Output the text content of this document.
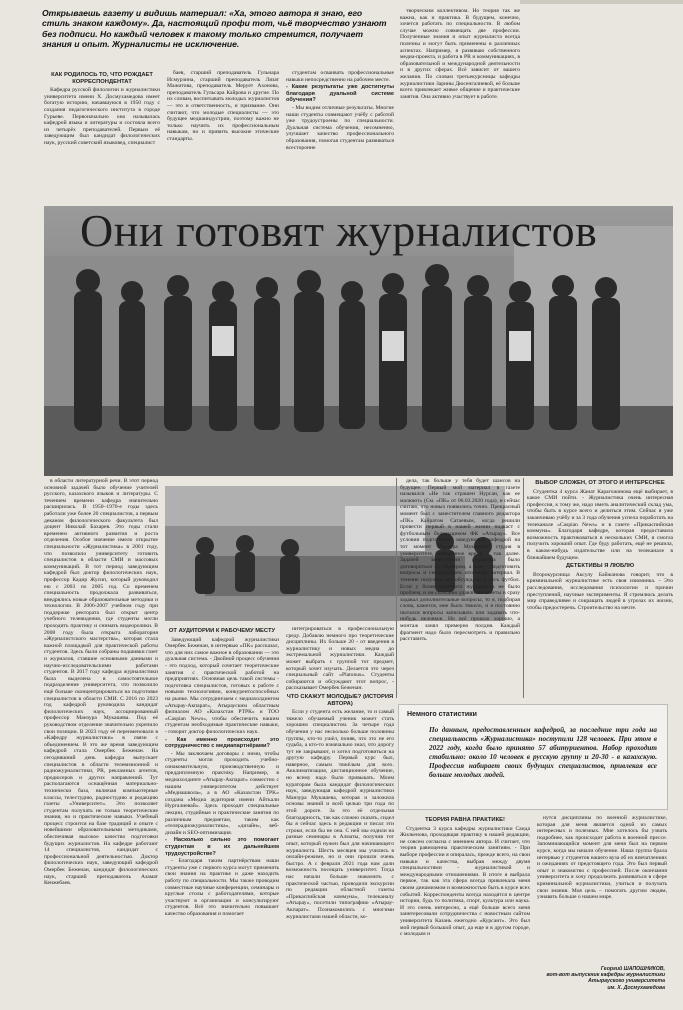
Открываешь газету и видишь материал: «Ха, этого автора я знаю, его стиль знаком каждому». Да, настоящий профи тот, чьё творчество узнают без подписи. Но каждый человек к такому только стремится, получает знания и опыт. Журналисты не исключение.
КАК РОДИЛОСЬ ТО, ЧТО РОЖДАЕТ КОРРЕСПОНДЕНТАТ

Кафедра русской филологии и журналистики университета имени Х. Досмухамедова имеет богатую историю, начавшуюся в 1950 году с создания педагогического института в городе Гурьеве. Первоначально она называлась кафедрой языка и литературы и состояла всего из четырёх преподавателей. Первым её заведующим был кандидат филологических наук, русский советский языковед, специалист

баев, старший преподаватель Гульнара Исмурзина, старший преподаватель Лязат Мажитова, преподаватель Мерует Ахонова, преподаватель Гульсара Кайрова и другие. По их словам, воспитывать молодых журналистов — это и ответственность, и призвание. Они считают, что молодые специалисты — это будущее медиаиндустрии, поэтому важно не только научить их профессиональным навыкам, но и привить высокие этические стандарты.

студентам осваивать профессиональные навыки непосредственно на рабочем месте.

- Какие результаты уже достигнуты благодаря дуальной системе обучения?

- Мы видим отличные результаты. Многие наши студенты совмещают учёбу с работой уже трудоустроены по специальности. Дуальная система обучения, несомненно, улучшает качество профессионального образования, помогая студентам развиваться всесторонне

творческим коллективом. Но теория так же важна, как и практика. В будущем, конечно, хочется работать по специальности. В любом случае можно совмещать две профессии. Полученные знания и опыт журналиста всегда полезны и могут быть применены в различных аспектах. Например, я развиваю собственного медиа-проекта, и работа в PR и коммуникациях, в образовательной и международной деятельности и в других сферах. Всё зависит от вашего желания. По словам третьекурсницы кафедры журналистики Зарины Дюсенгалиевой, её больше всего привлекает живое общение и практические занятия. Она активно участвует в работе.

Они готовят журналистов

в области литературной речи. В этот период основной задачей было обучение учителей русского, казахского языков и литературы. С течением времени кафедра значительно расширилась. В 1950–1970-е годы здесь работали уже более 20 специалистов, а первым деканом филологического факультета был доцент Николай Бахарев. Это годы стали временем активного развития и роста отделения. Особое значение имело открытие специальности «Журналистика» в 2001 году, что позволило университету готовить специалистов в области СМИ и массовых коммуникаций. В тот период заведующим кафедрой был доктор филологических наук, профессор Кадир Жусип, который руководил ею с 2003 по 2005 год. Со временем специальность продолжала развиваться, внедрялись новые образовательные методики и технологии. В 2006-2007 учебном году при поддержке ректората был открыт центр учебного телевидения, где студенты могли проходить практику и снимать видеоролики. В 2008 году была открыта лаборатория «Журналистского мастерства», которая стала важной площадкой для практической работы студентов. Здесь были собраны подшивки газет и журналов, ставшие основными данными и научно-исследовательскими работами студентов. В 2017 году кафедра журналистики была выделена в самостоятельное подразделение университета, что позволило ещё больше сконцентрироваться на подготовке специалистов в области СМИ. С 2016 по 2023 год кафедрой руководила кандидат филологических наук, ассоциированный профессор Манзура Мукашева. Под её руководством отделение значительно укрепило свои позиции. В 2023 году её переименовали в «Кафедру журналистики» в связи с объединением. В это же время заведующим кафедрой стала Омербек Беженан. На сегодняшний день кафедра выпускает специалистов в области телевизионной и радиожурналистики, PR, рекламных агентов, продюсеров и других направлений. Тут располагаются оснащённая материально-технически база, включая компьютерные классы, телестудию, радиостудию и редакцию газеты «Университет». Это позволяет студентам получать не только теоретические знания, но и практические навыки. Учебный процесс строится на базе традиций и опыте с новейшими образовательными методиками, обеспечивая высокое качество подготовки будущих журналистов. На кафедре работают 14 специалистов, кандидат с профессиональной деятельностью. Доктор филологических наук, заведующий кафедрой Омербек Беженан, кандидат филологических наук, старший преподаватель Азамат Кенжебаев.

ОТ АУДИТОРИИ К РАБОЧЕМУ МЕСТУ

Заведующий кафедрой журналистики Омербек Беженан, в интервью «ПК» рассказал, что для них самое важное в образовании — это дуальная система. - Двойной процесс обучения - это подход, который сочетает теоретические занятия с практической работой на предприятиях. Основная цель такой системы - подготовка специалистов, готовых к работе с новыми технологиями, конкурентоспособных на рынке. Мы сотрудничаем с медиахолдингом «Атырау-Акпарат», Атырауским областным филиалом АО «Казахстан РТРК» и ТОО «Caspian News», чтобы обеспечить нашим студентам необходимые практические навыки, - говорит доктор филологических наук.

- Как именно происходит это сотрудничество с медиапартнёрами?

- Мы заключаем договоры с ними, чтобы студенты могли проходить учебно-ознакомительную, производственную и преддипломную практику. Например, в медиахолдинге «Атырау-Акпарат» совместно с нашим университетом действует «Медиашкола», а в АО «Казахстан TPK» создана «Медиа аудитория имени Айткали Нургалиевай». Здесь проходят специальные лекции, студийные и практические занятия по различным предметам, таким как «телерадиожурналистика», «дизайн», веб-дизайн и SEO-оптимизация.

- Насколько сильно это помогает студентам в их дальнейшем трудоустройстве?

- Благодаря таким партнёрствам наши студенты уже с первого курса могут применять свои знания на практике и даже находить работу по специальности. Мы также проводим совместные научные конференции, семинары и круглые столы с работодателями, которые участвуют в организации и консультируют студентов. Всё это значительно повышает качество образования и помогает

интегрироваться в профессиональную среду. Добавлю немного про теоретические дисциплины. Их больше 20 - от введения в журналистику и новых медиа до экстремальной журналистики. Каждый может выбрать с группой тот предмет, который хочет изучать. Делается это через специальный сайт «Platonus». Студенты собираются и обсуждают этот вопрос, - рассказывает Омербек Беженан.

ЧТО СКАЖУТ МОЛОДЫЕ? (ИСТОРИЯ АВТОРА)

Если у студента есть желание, то и самый тяжело обучаемый ученик может стать хорошим специалистом. За четыре года обучения у нас несколько больше половины группы, кто-то ушёл, поняв, что это не его судьба, а кто-то изначально знал, что дорогу тут не закрывают, и хотел подготовиться на другую кафедру. Первый курс был, наверное, самым тяжёлым для всех. Акклиматизация, дистанционное обучение, но всему надо было привыкать. Моим кураторам была кандидат филологических наук, заведующая кафедрой журналистики Манзура Мукашева, которая и заложила основы знаний и всей целью три года по этой дороге. За это её отдельная благодарность, так как сложно сказать, сидел бы я сейчас здесь в редакции и писал эти строки, если бы не она. С ней мы ездили на разные семинары в Алматы, получив тот опыт, который нужен был для начинающего журналиста. Шесть месяцев мы учились в онлайн-режиме, но и они прошли очень быстро. А с февраля 2021 года нам дали возможность посещать университет. Тогда нас начали больше знакомить с практической частью, проводили экскурсии по редакции областной газеты «Прикаспийская коммуна», телеканалу «Атырау», посетили типографию «Атырау-Акпарат». Познакомились с многими журналистами нашей области, ко-

дела, так больше у тебя будет шансов на будущее. Первый мой материал в газете назывался «Не так страшен Нурсан, как ее малюют» (См. «ПК» от 06.03.2020 года), и сейчас считаю, что новых появились точно. Прекрасный момент был с заместителем главного редактора «ПК» Кайратом Сатаевым, когда решили провести первый в нашей жизни подкаст с футбольным болельщиком ФК «Атырау». Все условия подготовкой заведующей кафедрой на тот момент Манзура Мукашева, студия в университете, отведённое время и так далее. Задачей заместителя редактора было договориться со спикером, а моя – подготовить вопросы и смонтировать итоговый материал. В течение получаса мы обсуждали и весь футбол. Если у более опытного журналиста не было проблем, и он спокойно улавливал ответы и сразу задавал дополнительные вопросы, то я, подбирая слова, кажется, мне было тяжело, и я постоянно пытался вопросы записывать или задавать что-нибудь неловкое. Но всё прошло хорошо, а монтаж занял примерно полдня. Каждый фрагмент надо было пересмотреть и правильно расставить.

ВЫБОР СЛОЖЕН, ОТ ЭТОГО И ИНТЕРЕСНЕЕ

Студентка 4 курса Жанат Карагожинова ещё выбирает, в какое СМИ пойти. - Журналистика очень интересная профессия, к тому же, надо иметь аналитический склад ума, чтобы быть в курсе всего и делиться этим. Сейчас я уже заканчиваю учёбу и за 3 года обучения успела поработать на телеканале «Caspian News» и в газете «Прикаспийская коммуна». Благодаря кафедре, которая предоставила возможность практиковаться в нескольких СМИ, я смогла получить хороший опыт. Где буду работать, ещё не решила, в каком-нибудь издательстве или на телеканале в ближайшем будущем.

ДЕТЕКТИВЫ Я ЛЮБЛЮ

Второкурсница Аксулу Байжанова говорит, что в криминальной журналистике есть своя изюминка. - Это расследования, исследования психологии и причин преступлений, научные эксперименты. Я стремлюсь делать мир справедливее и сокращать людей в угрозах их жизни, чтобы предостеречь. Строительство на мечте.

Немного статистики
По данным, предоставленным кафедрой, за последние три года на специальность «Журналистика» поступили 128 человек. При этом в 2022 году, когда было принято 57 абитуриентов. Набор проходит стабильно: около 10 человек в русскую группу и 20-30 - в казахскую. Профессия набирает своих будущих специалистов, привлекая все больше молодых людей.
ТЕОРИЯ РАВНА ПРАКТИКЕ!

Студентка 3 курса кафедры журналистики Саида Жилкенова, проходящая практику в нашей редакции, не совсем согласна с мнением автора. И считает, что теория равноценна практическим занятиям. - При выборе профессии я опиралась, прежде всего, на свои навыки и качества, выбрав между двумя специальностями - журналистикой и международными отношениями. В итоге я выбрала первое, так как эта сфера всегда привлекала меня своим динамизмом и возможностью быть в курсе всех событий. Корреспонденты всегда находятся в центре истории, будь то политика, спорт, культура или наука. И это очень интересно, а ещё больше всего меня заинтересовали сотрудничества с новостным сайтом университета Казань ежегодно «Курсант». Это был мой первый большой опыт, да еще и в другом городе, с молодым и

нутся дисциплины по военной журналистике, которая для меня является одной из самых интересных и полезных. Мне хотелось бы узнать подробнее, как происходит работа в военной прессе. Запоминающийся момент для меня был на первом курсе, когда мы начали обучение. Наша группа брала интервью у студентов нашего вуза об их впечатлениях и ожиданиях от предстоящего года. Это был первый опыт и знакомство с профессией. После окончания университета я хочу продолжить развиваться в сфере криминальной журналистики, учиться и получать свои знания. Моя цель – помогать другим людям, узнавать больше о нашем мире.

Георгий ШАПОШНИКОВ,
вот-вот выпускник кафедры журналистики Атырауского университета
им. Х. Досмухамедова
